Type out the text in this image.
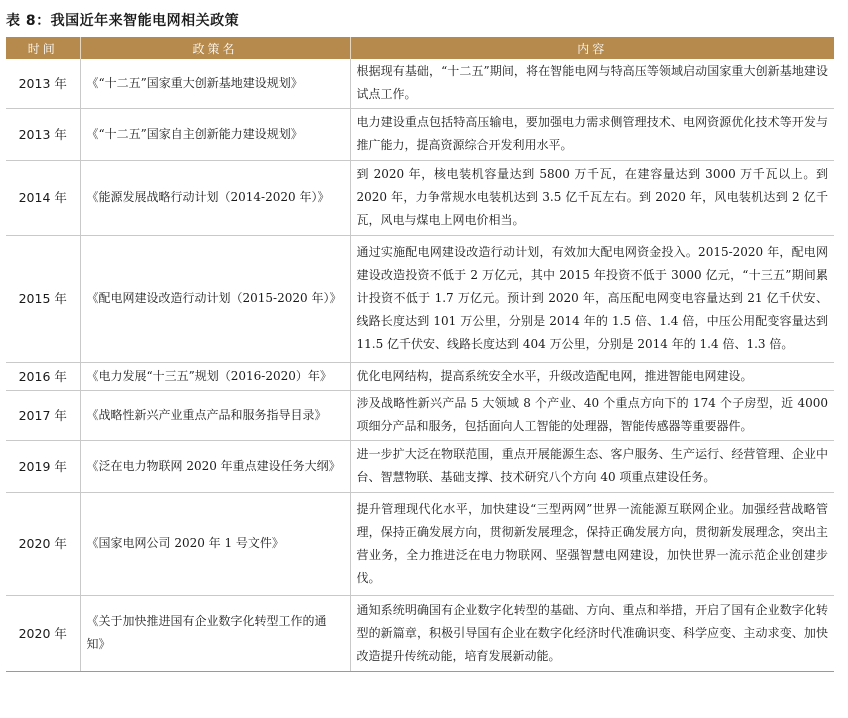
表 8：我国近年来智能电网相关政策
时间	政策名	内容
2013 年	《“十二五”国家重大创新基地建设规划》	根据现有基础，“十二五”期间，将在智能电网与特高压等领域启动国家重大创新基地建设试点工作。
2013 年	《“十二五”国家自主创新能力建设规划》	电力建设重点包括特高压输电，要加强电力需求侧管理技术、电网资源优化技术等开发与推广能力，提高资源综合开发利用水平。
2014 年	《能源发展战略行动计划（2014-2020 年）》	到 2020 年，核电装机容量达到 5800 万千瓦，在建容量达到 3000 万千瓦以上。到 2020 年，力争常规水电装机达到 3.5 亿千瓦左右。到 2020 年，风电装机达到 2 亿千瓦，风电与煤电上网电价相当。
2015 年	《配电网建设改造行动计划（2015-2020 年）》	通过实施配电网建设改造行动计划，有效加大配电网资金投入。2015-2020 年，配电网建设改造投资不低于 2 万亿元，其中 2015 年投资不低于 3000 亿元，“十三五”期间累计投资不低于 1.7 万亿元。预计到 2020 年，高压配电网变电容量达到 21 亿千伏安、线路长度达到 101 万公里，分别是 2014 年的 1.5 倍、1.4 倍，中压公用配变容量达到 11.5 亿千伏安、线路长度达到 404 万公里，分别是 2014 年的 1.4 倍、1.3 倍。
2016 年	《电力发展“十三五”规划（2016-2020）年》	优化电网结构，提高系统安全水平，升级改造配电网，推进智能电网建设。
2017 年	《战略性新兴产业重点产品和服务指导目录》	涉及战略性新兴产品 5 大领域 8 个产业、40 个重点方向下的 174 个子房型，近 4000 项细分产品和服务，包括面向人工智能的处理器，智能传感器等重要器件。
2019 年	《泛在电力物联网 2020 年重点建设任务大纲》	进一步扩大泛在物联范围，重点开展能源生态、客户服务、生产运行、经营管理、企业中台、智慧物联、基础支撑、技术研究八个方向 40 项重点建设任务。
2020 年	《国家电网公司 2020 年 1 号文件》	提升管理现代化水平，加快建设“三型两网”世界一流能源互联网企业。加强经营战略管理，保持正确发展方向，贯彻新发展理念，保持正确发展方向，贯彻新发展理念，突出主营业务，全力推进泛在电力物联网、坚强智慧电网建设，加快世界一流示范企业创建步伐。
2020 年	《关于加快推进国有企业数字化转型工作的通知》	通知系统明确国有企业数字化转型的基础、方向、重点和举措，开启了国有企业数字化转型的新篇章，积极引导国有企业在数字化经济时代准确识变、科学应变、主动求变、加快改造提升传统动能，培育发展新动能。
